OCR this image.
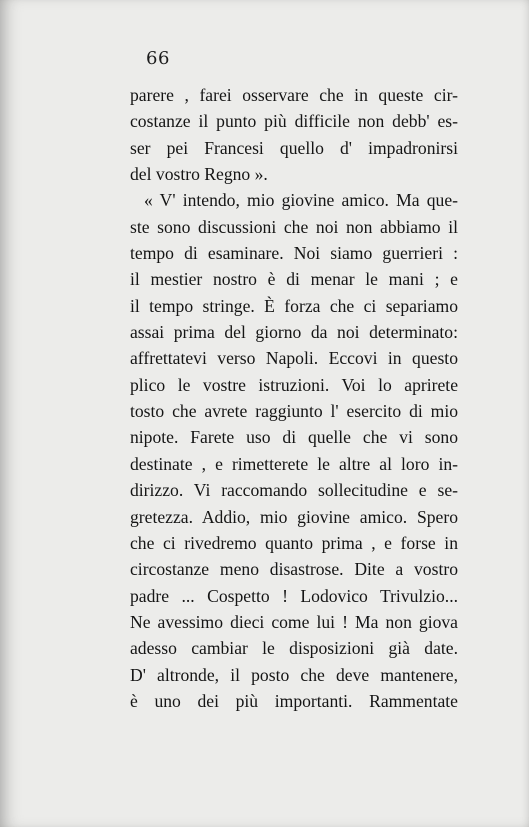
66
parere , farei osservare che in queste cir-
costanze il punto più difficile non debb' es-
ser pei Francesi quello d' impadronirsi
del vostro Regno ».
« V' intendo, mio giovine amico. Ma que-
ste sono discussioni che noi non abbiamo il
tempo di esaminare. Noi siamo guerrieri :
il mestier nostro è di menar le mani ; e
il tempo stringe. È forza che ci separiamo
assai prima del giorno da noi determinato:
affrettatevi verso Napoli. Eccovi in questo
plico le vostre istruzioni. Voi lo aprirete
tosto che avrete raggiunto l' esercito di mio
nipote. Farete uso di quelle che vi sono
destinate , e rimetterete le altre al loro in-
dirizzo. Vi raccomando sollecitudine e se-
gretezza. Addio, mio giovine amico. Spero
che ci rivedremo quanto prima , e forse in
circostanze meno disastrose. Dite a vostro
padre ... Cospetto ! Lodovico Trivulzio...
Ne avessimo dieci come lui ! Ma non giova
adesso cambiar le disposizioni già date.
D' altronde, il posto che deve mantenere,
è uno dei più importanti. Rammentate
